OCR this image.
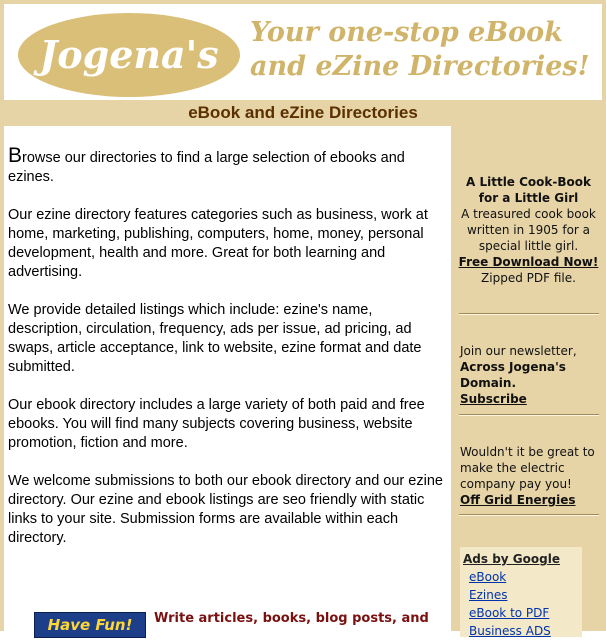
Jogena's	Your one-stop eBook
and eZine Directories!
eBook and eZine Directories

Browse our directories to find a large selection of ebooks and ezines.

Our ezine directory features categories such as business, work at home, marketing, publishing, computers, home, money, personal development, health and more. Great for both learning and advertising.

We provide detailed listings which include: ezine's name, description, circulation, frequency, ads per issue, ad pricing, ad swaps, article acceptance, link to website, ezine format and date submitted.

Our ebook directory includes a large variety of both paid and free ebooks. You will find many subjects covering business, website promotion, fiction and more.

We welcome submissions to both our ebook directory and our ezine directory. Our ezine and ebook listings are seo friendly with static links to your site. Submission forms are available within each directory.

Have Fun!	Write articles, books, blog posts, and
A Little Cook-Book
for a Little Girl
A treasured cook book written in 1905 for a special little girl.
Free Download Now!
Zipped PDF file.
Join our newsletter,
Across Jogena's Domain.
Subscribe
Wouldn't it be great to make the electric company pay you!
Off Grid Energies
Ads by Google
eBook
Ezines
eBook to PDF
Business ADS
